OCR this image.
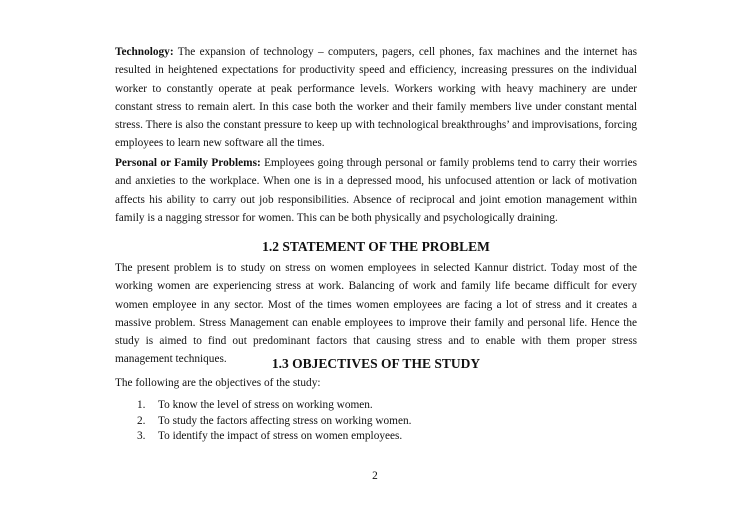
Technology: The expansion of technology – computers, pagers, cell phones, fax machines and the internet has resulted in heightened expectations for productivity speed and efficiency, increasing pressures on the individual worker to constantly operate at peak performance levels. Workers working with heavy machinery are under constant stress to remain alert. In this case both the worker and their family members live under constant mental stress. There is also the constant pressure to keep up with technological breakthroughs’ and improvisations, forcing employees to learn new software all the times.

Personal or Family Problems: Employees going through personal or family problems tend to carry their worries and anxieties to the workplace. When one is in a depressed mood, his unfocused attention or lack of motivation affects his ability to carry out job responsibilities. Absence of reciprocal and joint emotion management within family is a nagging stressor for women. This can be both physically and psychologically draining.

1.2 STATEMENT OF THE PROBLEM

The present problem is to study on stress on women employees in selected Kannur district. Today most of the working women are experiencing stress at work. Balancing of work and family life became difficult for every women employee in any sector. Most of the times women employees are facing a lot of stress and it creates a massive problem. Stress Management can enable employees to improve their family and personal life. Hence the study is aimed to find out predominant factors that causing stress and to enable with them proper stress management techniques.	1.3 OBJECTIVES OF THE STUDY

The following are the objectives of the study:

1. To know the level of stress on working women.
2. To study the factors affecting stress on working women.
3. To identify the impact of stress on women employees.
2
